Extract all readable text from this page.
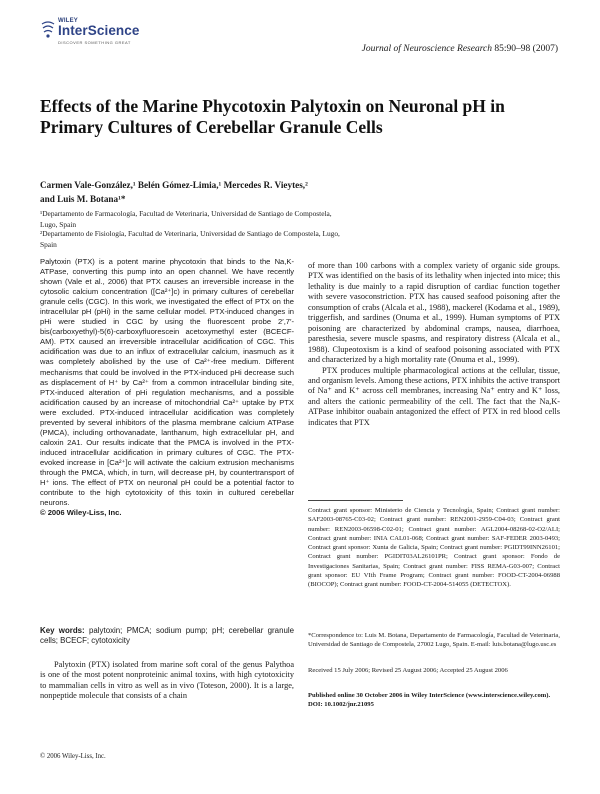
WILEY
InterScience
DISCOVER SOMETHING GREAT
Journal of Neuroscience Research 85:90–98 (2007)
Effects of the Marine Phycotoxin Palytoxin on Neuronal pH in Primary Cultures of Cerebellar Granule Cells
Carmen Vale-González,¹ Belén Gómez-Limia,¹ Mercedes R. Vieytes,²
and Luis M. Botana¹*
¹Departamento de Farmacología, Facultad de Veterinaria, Universidad de Santiago de Compostela, Lugo, Spain
²Departamento de Fisiología, Facultad de Veterinaria, Universidad de Santiago de Compostela, Lugo, Spain
Palytoxin (PTX) is a potent marine phycotoxin that binds to the Na,K-ATPase, converting this pump into an open channel. We have recently shown (Vale et al., 2006) that PTX causes an irreversible increase in the cytosolic calcium concentration ([Ca²⁺]c) in primary cultures of cerebellar granule cells (CGC). In this work, we investigated the effect of PTX on the intracellular pH (pHi) in the same cellular model. PTX-induced changes in pHi were studied in CGC by using the fluorescent probe 2′,7′-bis(carboxyethyl)-5(6)-carboxyfluorescein acetoxymethyl ester (BCECF-AM). PTX caused an irreversible intracellular acidification of CGC. This acidification was due to an influx of extracellular calcium, inasmuch as it was completely abolished by the use of Ca²⁺-free medium. Different mechanisms that could be involved in the PTX-induced pHi decrease such as displacement of H⁺ by Ca²⁺ from a common intracellular binding site, PTX-induced alteration of pHi regulation mechanisms, and a possible acidification caused by an increase of mitochondrial Ca²⁺ uptake by PTX were excluded. PTX-induced intracellular acidification was completely prevented by several inhibitors of the plasma membrane calcium ATPase (PMCA), including orthovanadate, lanthanum, high extracellular pH, and caloxin 2A1. Our results indicate that the PMCA is involved in the PTX-induced intracellular acidification in primary cultures of CGC. The PTX-evoked increase in [Ca²⁺]c will activate the calcium extrusion mechanisms through the PMCA, which, in turn, will decrease pH, by countertransport of H⁺ ions. The effect of PTX on neuronal pH could be a potential factor to contribute to the high cytotoxicity of this toxin in cultured cerebellar neurons.
© 2006 Wiley-Liss, Inc.
Key words: palytoxin; PMCA; sodium pump; pH; cerebellar granule cells; BCECF; cytotoxicity
Palytoxin (PTX) isolated from marine soft coral of the genus Palythoa is one of the most potent nonproteinic animal toxins, with high cytotoxicity to mammalian cells in vitro as well as in vivo (Toteson, 2000). It is a large, nonpeptide molecule that consists of a chain
© 2006 Wiley-Liss, Inc.

of more than 100 carbons with a complex variety of organic side groups. PTX was identified on the basis of its lethality when injected into mice; this lethality is due mainly to a rapid disruption of cardiac function together with severe vasoconstriction. PTX has caused seafood poisoning after the consumption of crabs (Alcala et al., 1988), mackerel (Kodama et al., 1989), triggerfish, and sardines (Onuma et al., 1999). Human symptoms of PTX poisoning are characterized by abdominal cramps, nausea, diarrhoea, paresthesia, severe muscle spasms, and respiratory distress (Alcala et al., 1988). Clupeotoxism is a kind of seafood poisoning associated with PTX and characterized by a high mortality rate (Onuma et al., 1999).

PTX produces multiple pharmacological actions at the cellular, tissue, and organism levels. Among these actions, PTX inhibits the active transport of Na⁺ and K⁺ across cell membranes, increasing Na⁺ entry and K⁺ loss, and alters the cationic permeability of the cell. The fact that the Na,K-ATPase inhibitor ouabain antagonized the effect of PTX in red blood cells indicates that PTX

Contract grant sponsor: Ministerio de Ciencia y Tecnología, Spain; Contract grant number: SAF2003-08765-C03-02; Contract grant number: REN2001-2959-C04-03; Contract grant number: REN2003-06598-C02-01; Contract grant number: AGL2004-08268-02-O2/ALI; Contract grant number: INIA CAL01-068; Contract grant number: SAF-FEDER 2003-0493; Contract grant sponsor: Xunta de Galicia, Spain; Contract grant number: PGIDT99INN26101; Contract grant number: PGIDIT03AL26101PR; Contract grant sponsor: Fondo de Investigaciones Sanitarias, Spain; Contract grant number: FISS REMA-G03-007; Contract grant sponsor: EU VIth Frame Program; Contract grant number: FOOD-CT-2004-06988 (BIOCOP); Contract grant number: FOOD-CT-2004-514055 (DETECTOX).
*Correspondence to: Luis M. Botana, Departamento de Farmacología, Facultad de Veterinaria, Universidad de Santiago de Compostela, 27002 Lugo, Spain. E-mail: luis.botana@lugo.usc.es
Received 15 July 2006; Revised 25 August 2006; Accepted 25 August 2006
Published online 30 October 2006 in Wiley InterScience (www.interscience.wiley.com). DOI: 10.1002/jnr.21095
